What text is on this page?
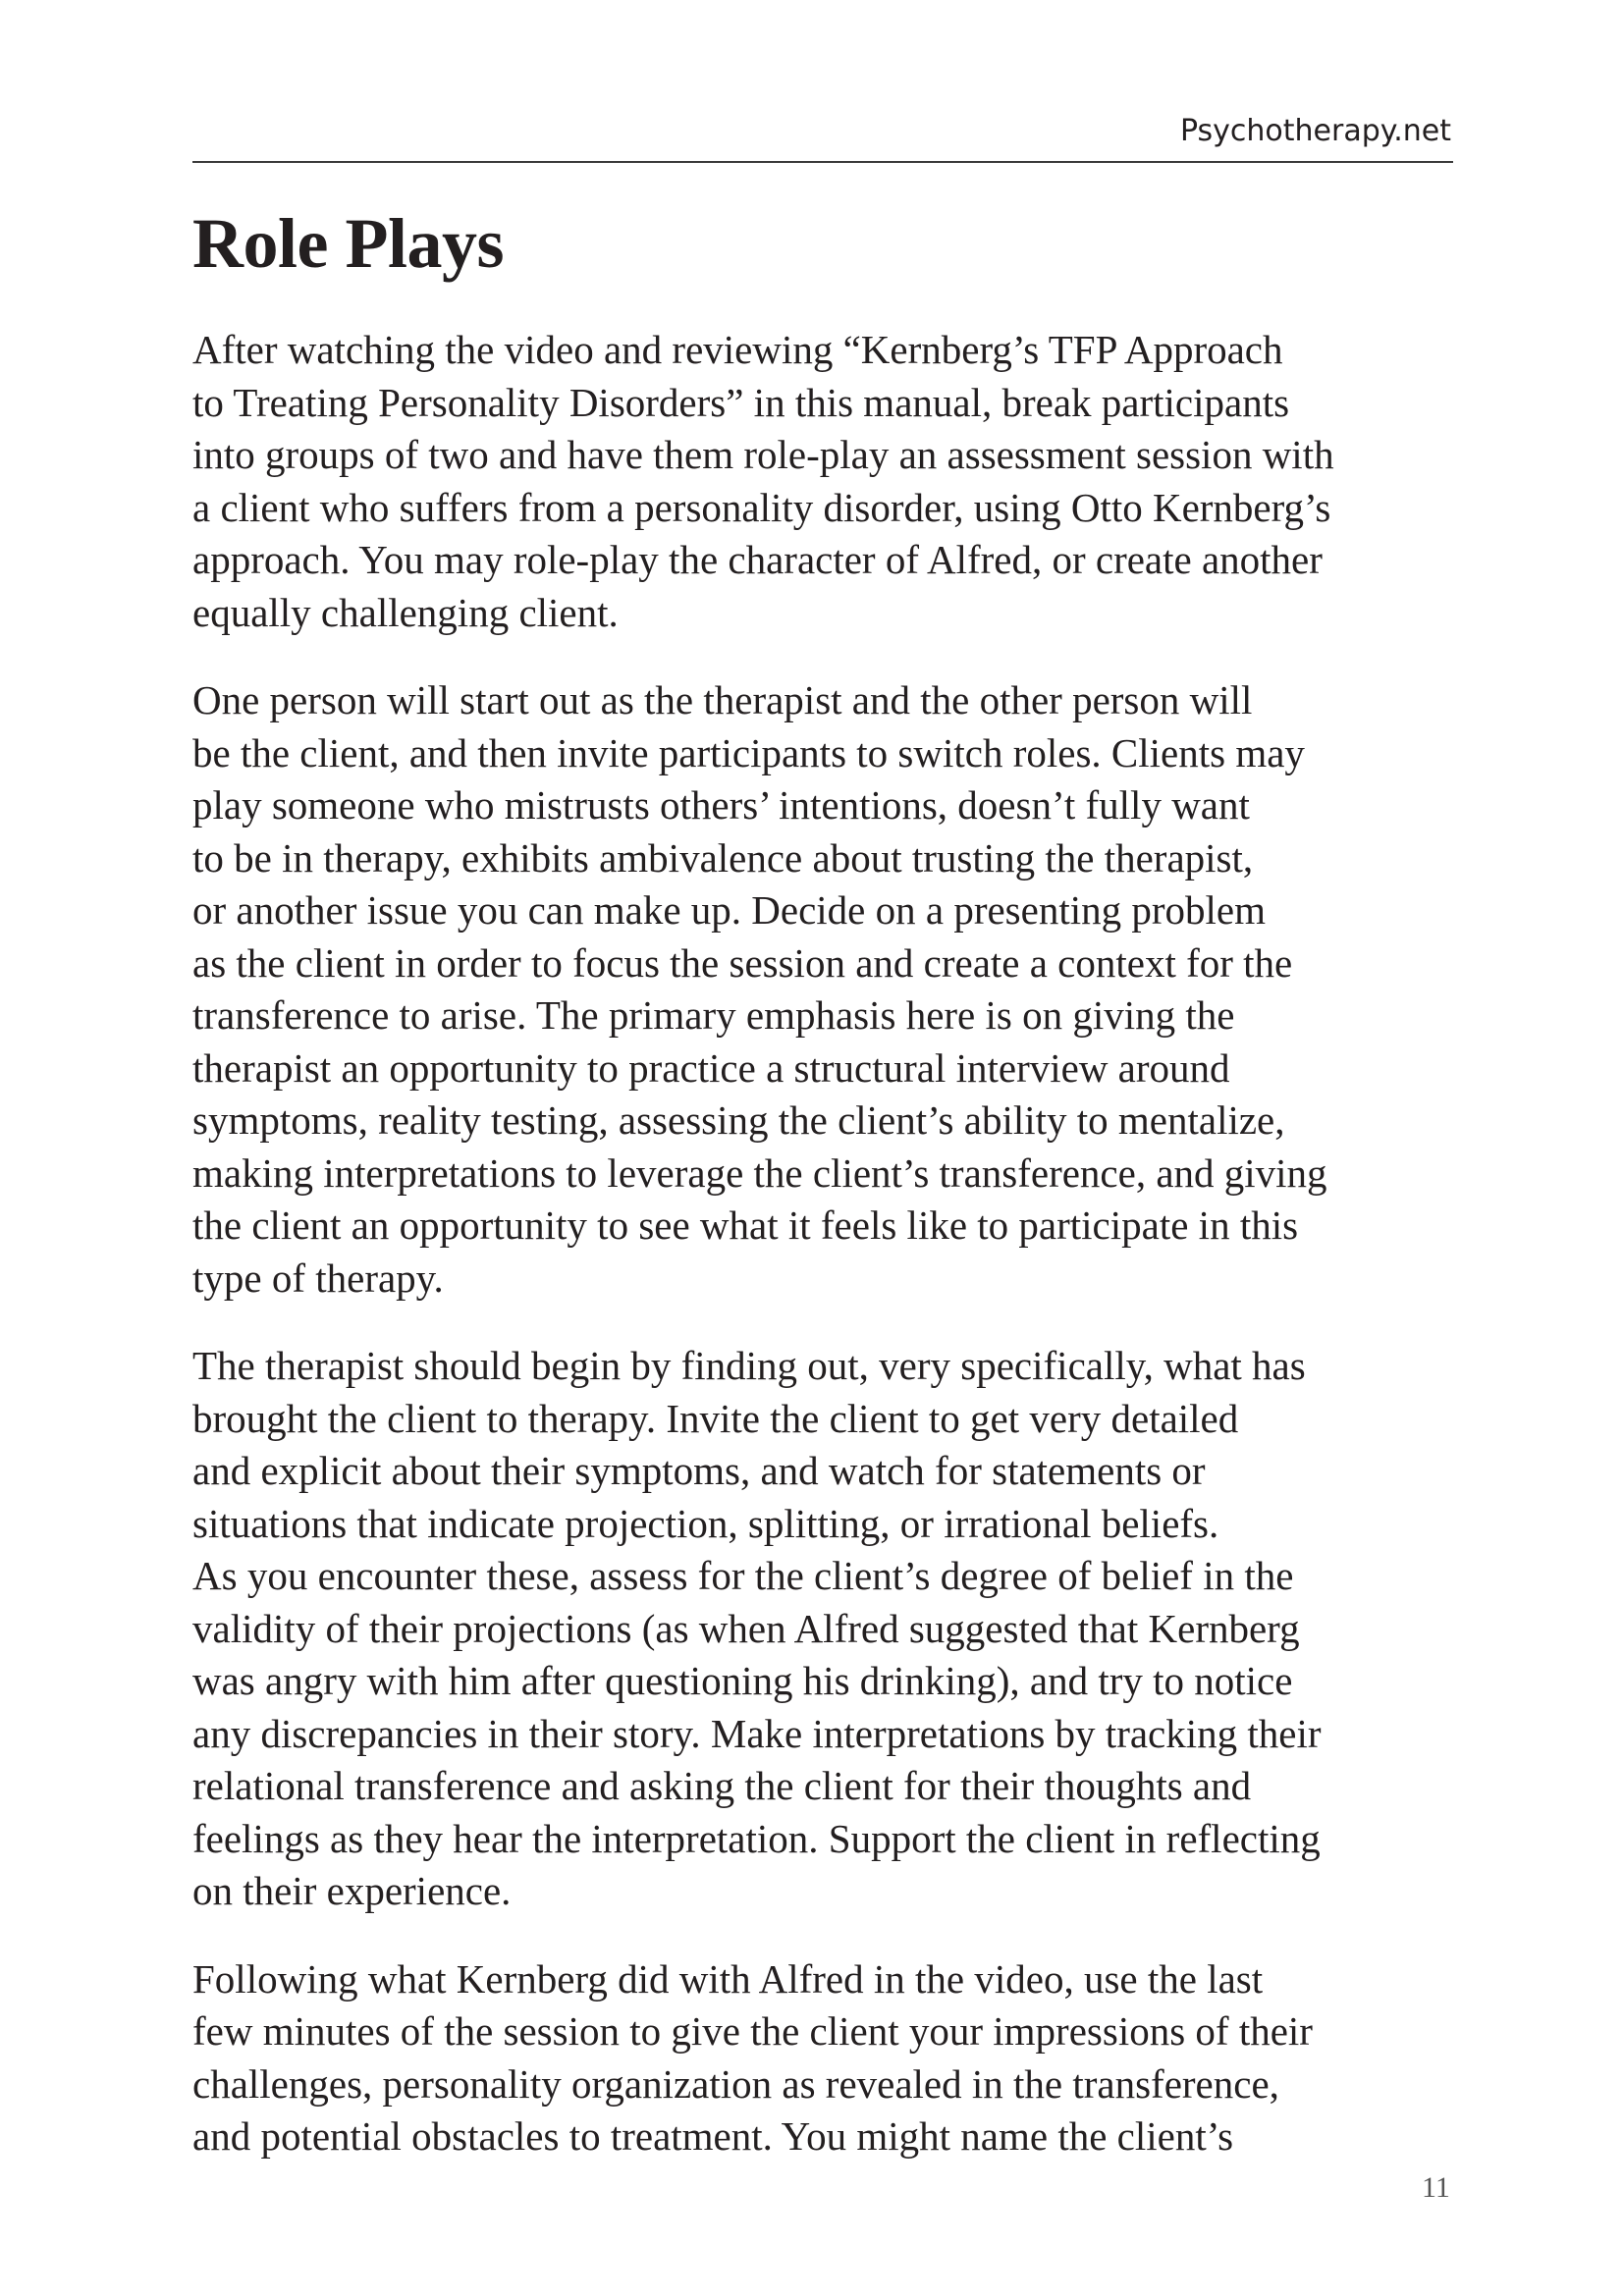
Psychotherapy.net
Role Plays

After watching the video and reviewing “Kernberg’s TFP Approach
to Treating Personality Disorders” in this manual, break participants
into groups of two and have them role-play an assessment session with
a client who suffers from a personality disorder, using Otto Kernberg’s
approach. You may role-play the character of Alfred, or create another
equally challenging client.

One person will start out as the therapist and the other person will
be the client, and then invite participants to switch roles. Clients may
play someone who mistrusts others’ intentions, doesn’t fully want
to be in therapy, exhibits ambivalence about trusting the therapist,
or another issue you can make up. Decide on a presenting problem
as the client in order to focus the session and create a context for the
transference to arise. The primary emphasis here is on giving the
therapist an opportunity to practice a structural interview around
symptoms, reality testing, assessing the client’s ability to mentalize,
making interpretations to leverage the client’s transference, and giving
the client an opportunity to see what it feels like to participate in this
type of therapy.

The therapist should begin by finding out, very specifically, what has
brought the client to therapy. Invite the client to get very detailed
and explicit about their symptoms, and watch for statements or
situations that indicate projection, splitting, or irrational beliefs.
As you encounter these, assess for the client’s degree of belief in the
validity of their projections (as when Alfred suggested that Kernberg
was angry with him after questioning his drinking), and try to notice
any discrepancies in their story. Make interpretations by tracking their
relational transference and asking the client for their thoughts and
feelings as they hear the interpretation. Support the client in reflecting
on their experience.

Following what Kernberg did with Alfred in the video, use the last
few minutes of the session to give the client your impressions of their
challenges, personality organization as revealed in the transference,
and potential obstacles to treatment. You might name the client’s

11
